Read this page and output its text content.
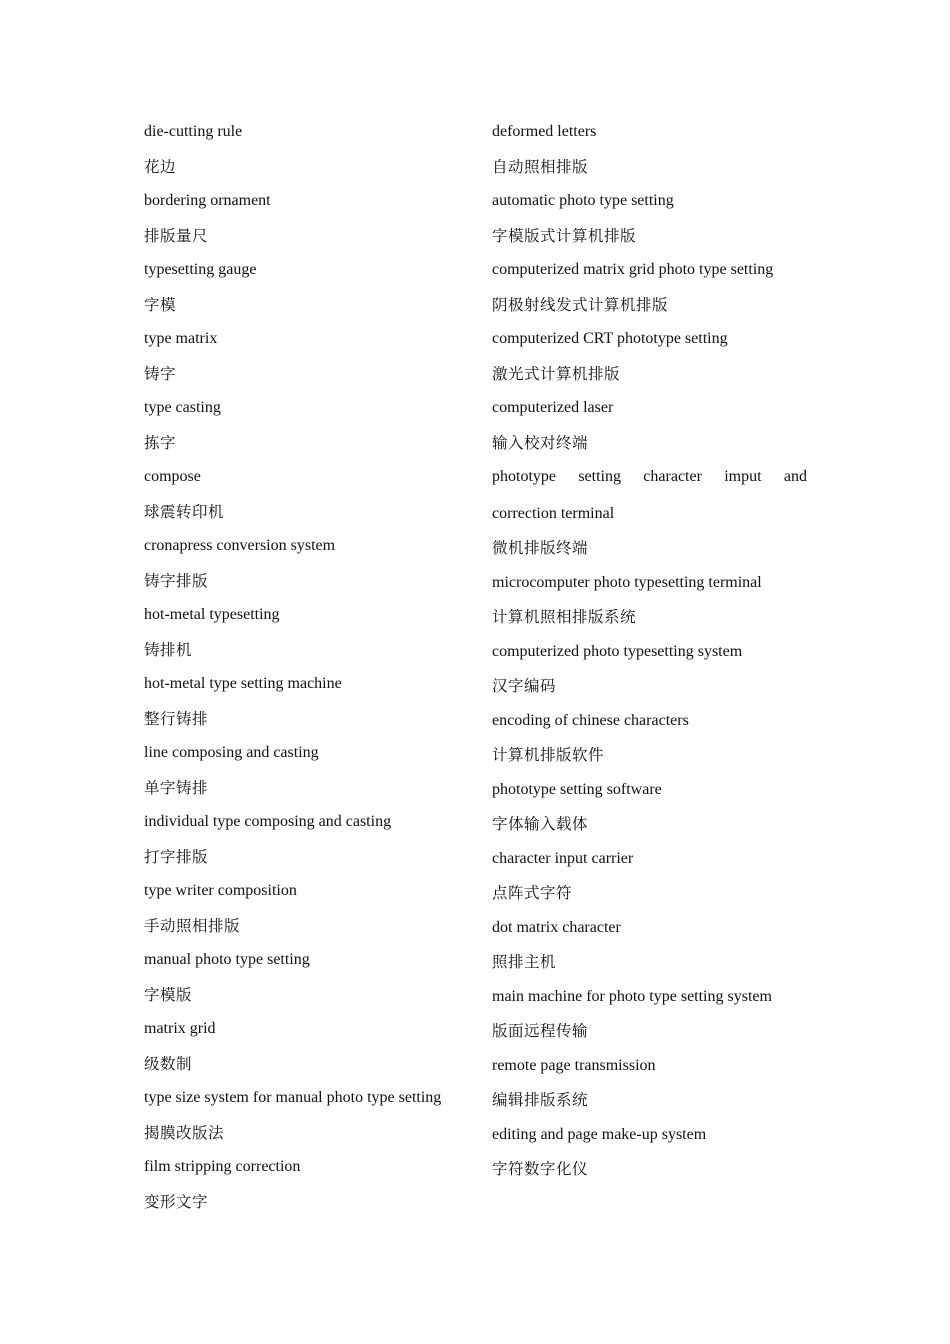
die-cutting rule
花边
bordering ornament
排版量尺
typesetting gauge
字模
type matrix
铸字
type casting
拣字
compose
球震转印机
cronapress conversion system
铸字排版
hot-metal typesetting
铸排机
hot-metal type setting machine
整行铸排
line composing and casting
单字铸排
individual type composing and casting
打字排版
type writer composition
手动照相排版
manual photo type setting
字模版
matrix grid
级数制
type size system for manual photo type setting
揭膜改版法
film stripping correction
变形文字
deformed letters
自动照相排版
automatic photo type setting
字模版式计算机排版
computerized matrix grid photo type setting
阴极射线发式计算机排版
computerized CRT phototype setting
激光式计算机排版
computerized laser
输入校对终端
phototype setting character imput and
correction terminal
微机排版终端
microcomputer photo typesetting terminal
计算机照相排版系统
computerized photo typesetting system
汉字编码
encoding of chinese characters
计算机排版软件
phototype setting software
字体输入载体
character input carrier
点阵式字符
dot matrix character
照排主机
main machine for photo type setting system
版面远程传输
remote page transmission
编辑排版系统
editing and page make-up system
字符数字化仪
